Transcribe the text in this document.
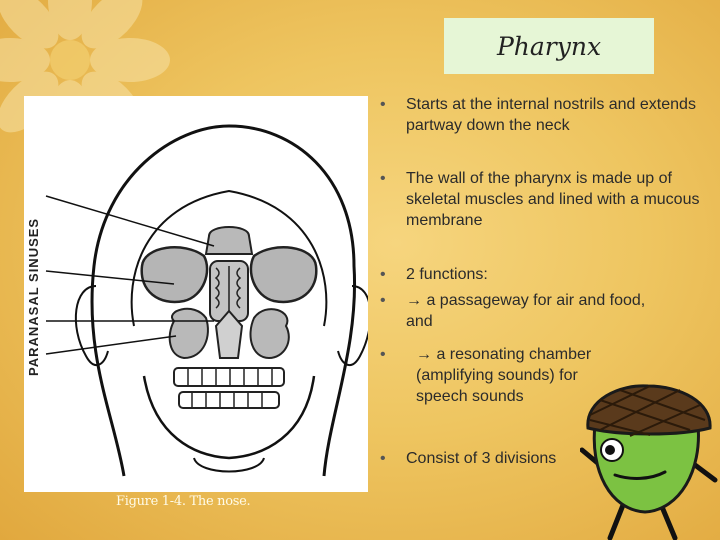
Pharynx
PARANASAL SINUSES
Figure 1-4. The nose.
• Starts at the internal nostrils and extends partway down the neck
• The wall of the pharynx is made up of skeletal muscles and lined with a mucous membrane
• 2 functions:
• → a passageway for air and food, and
• → a resonating chamber (amplifying sounds) for speech sounds
• Consist of 3 divisions
